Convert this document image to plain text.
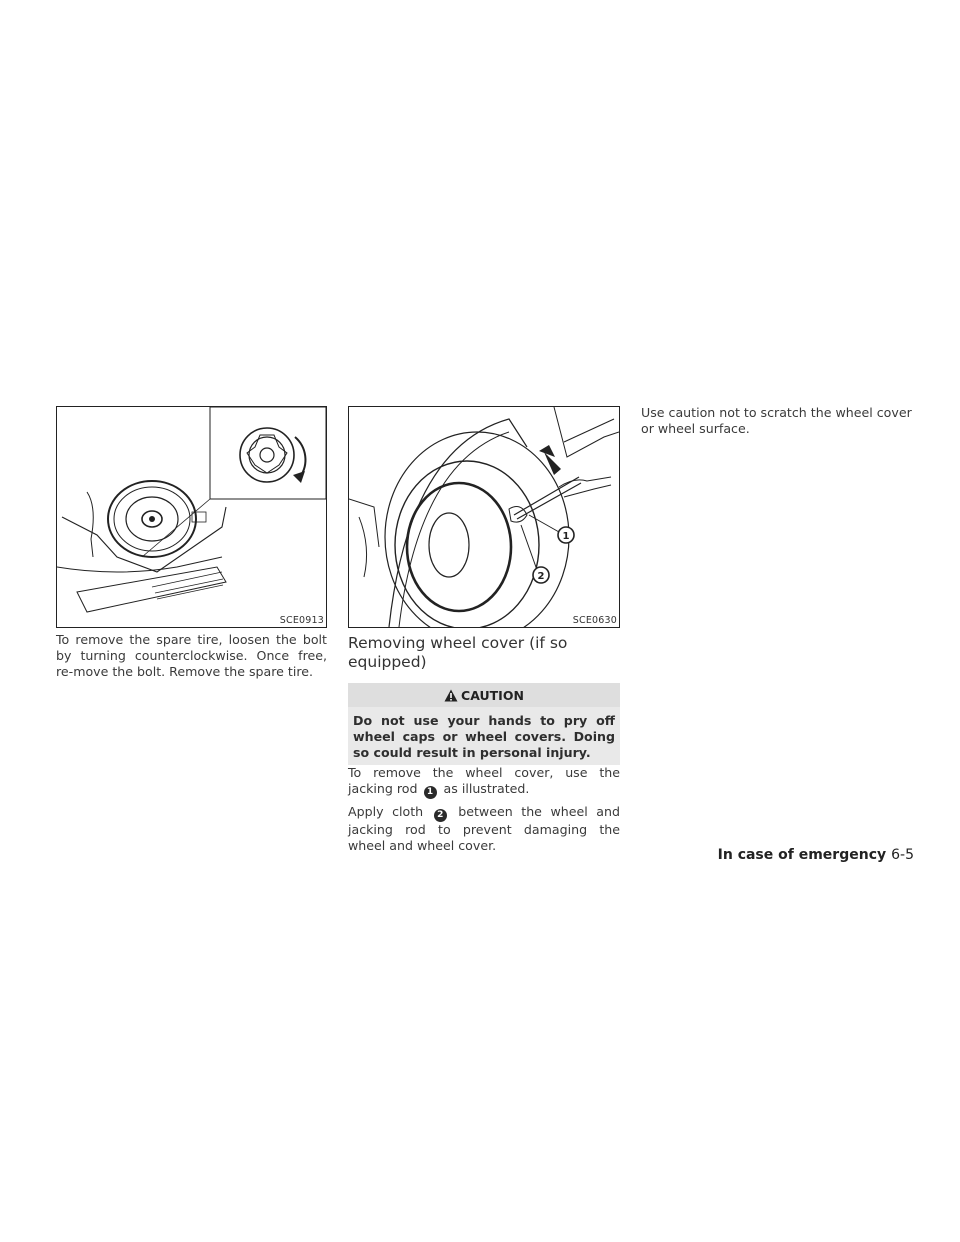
SCE0913
1
2
SCE0630

To remove the spare tire, loosen the bolt by turning counterclockwise. Once free, re-move the bolt. Remove the spare tire.

Removing wheel cover (if so equipped)
CAUTION

Do not use your hands to pry off wheel caps or wheel covers. Doing so could result in personal injury.

To remove the wheel cover, use the jacking rod 1 as illustrated.

Apply cloth 2 between the wheel and jacking rod to prevent damaging the wheel and wheel cover.

Use caution not to scratch the wheel cover or wheel surface.

In case of emergency 6-5
